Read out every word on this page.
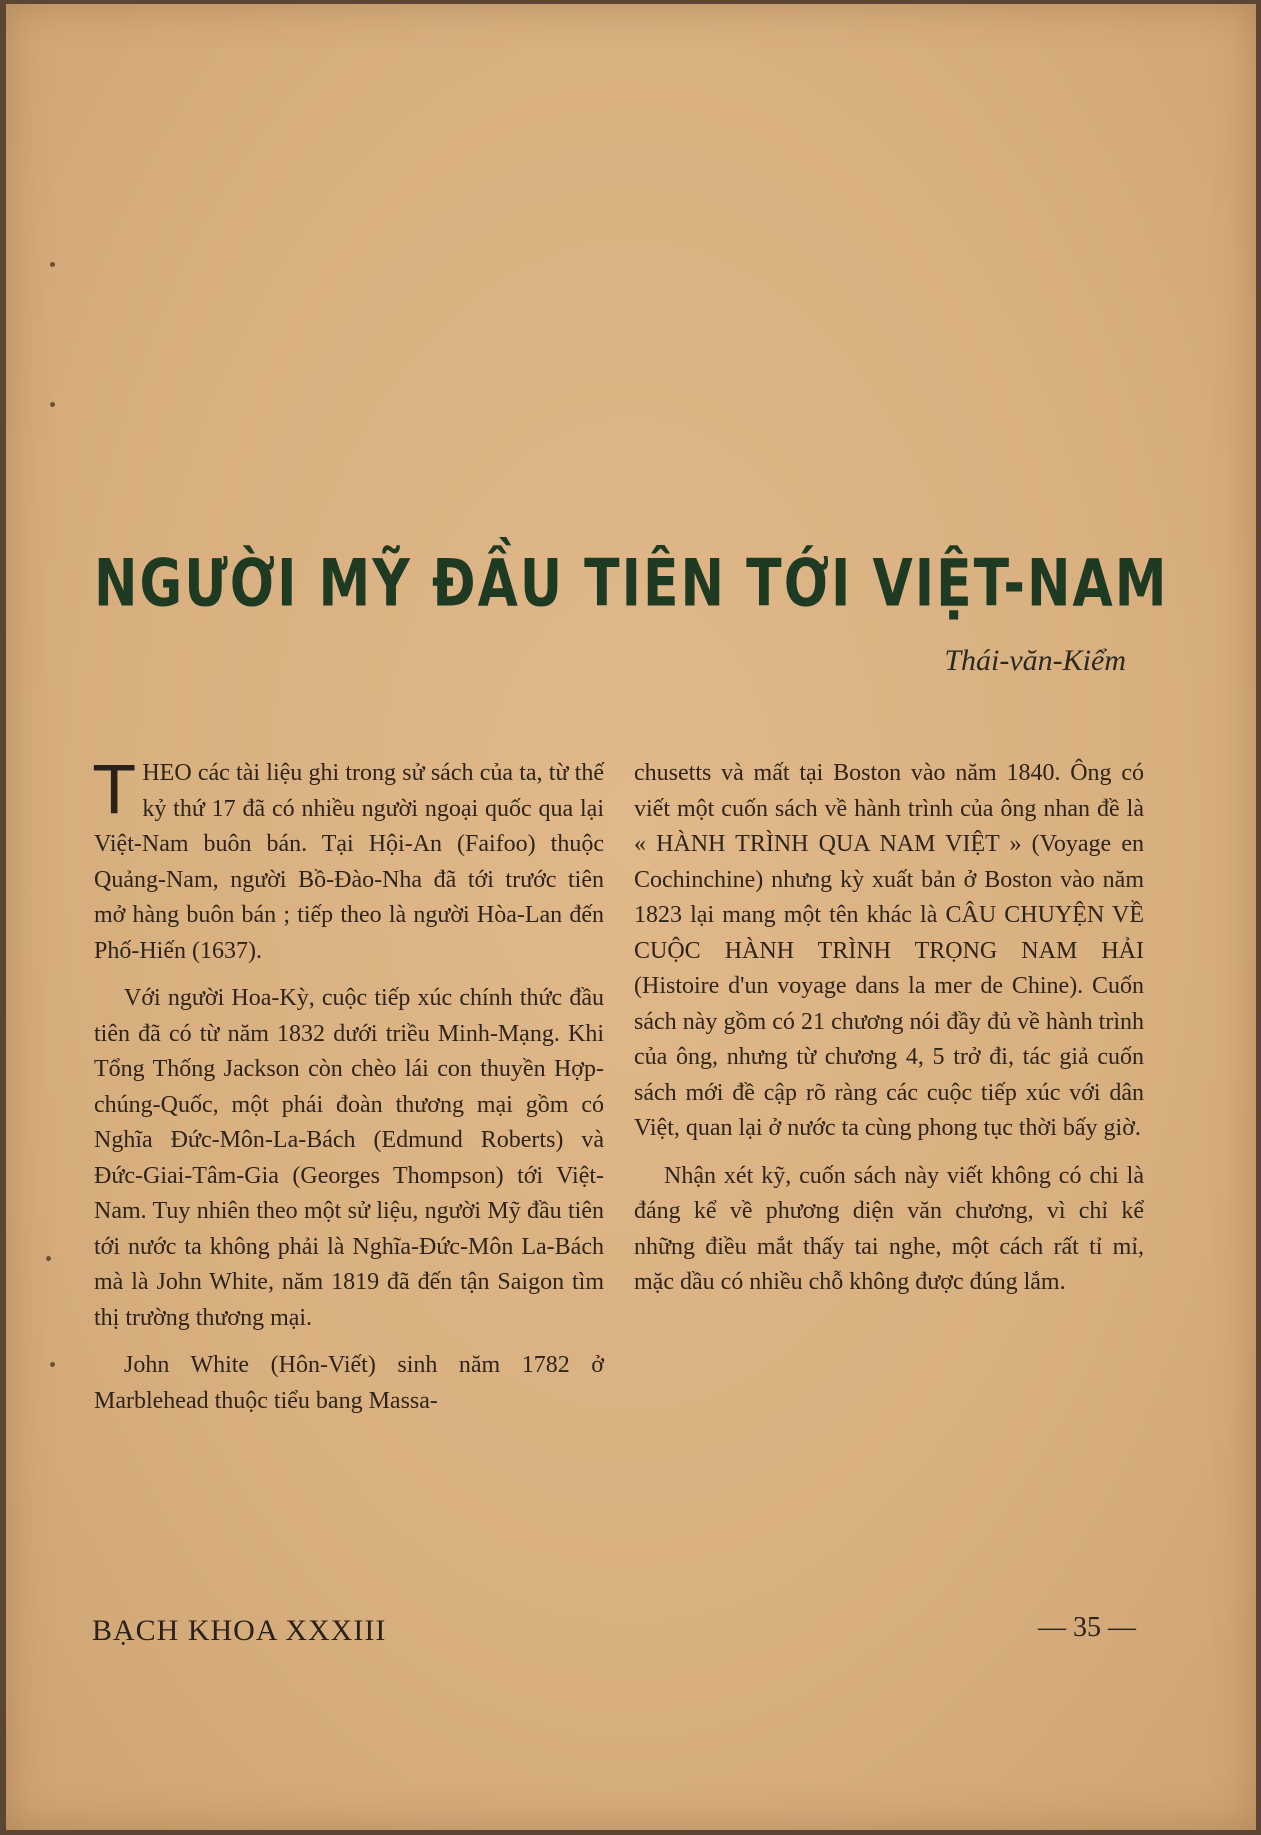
NGƯỜI MỸ ĐẦU TIÊN TỚI VIỆT-NAM
Thái-văn-Kiểm

THEO các tài liệu ghi trong sử sách của ta, từ thế kỷ thứ 17 đã có nhiều người ngoại quốc qua lại Việt-Nam buôn bán. Tại Hội-An (Faifoo) thuộc Quảng-Nam, người Bồ-Đào-Nha đã tới trước tiên mở hàng buôn bán ; tiếp theo là người Hòa-Lan đến Phố-Hiến (1637).

Với người Hoa-Kỳ, cuộc tiếp xúc chính thức đầu tiên đã có từ năm 1832 dưới triều Minh-Mạng. Khi Tổng Thống Jackson còn chèo lái con thuyền Hợp-chúng-Quốc, một phái đoàn thương mại gồm có Nghĩa Đức-Môn-La-Bách (Edmund Roberts) và Đức-Giai-Tâm-Gia (Georges Thompson) tới Việt-Nam. Tuy nhiên theo một sử liệu, người Mỹ đầu tiên tới nước ta không phải là Nghĩa-Đức-Môn La-Bách mà là John White, năm 1819 đã đến tận Saigon tìm thị trường thương mại.

John White (Hôn-Viết) sinh năm 1782 ở Marblehead thuộc tiểu bang Massa-

chusetts và mất tại Boston vào năm 1840. Ông có viết một cuốn sách về hành trình của ông nhan đề là « HÀNH TRÌNH QUA NAM VIỆT » (Voyage en Cochinchine) nhưng kỳ xuất bản ở Boston vào năm 1823 lại mang một tên khác là CÂU CHUYỆN VỀ CUỘC HÀNH TRÌNH TRỌNG NAM HẢI (Histoire d'un voyage dans la mer de Chine). Cuốn sách này gồm có 21 chương nói đầy đủ về hành trình của ông, nhưng từ chương 4, 5 trở đi, tác giả cuốn sách mới đề cập rõ ràng các cuộc tiếp xúc với dân Việt, quan lại ở nước ta cùng phong tục thời bấy giờ.

Nhận xét kỹ, cuốn sách này viết không có chi là đáng kể về phương diện văn chương, vì chỉ kể những điều mắt thấy tai nghe, một cách rất tỉ mỉ, mặc dầu có nhiều chỗ không được đúng lắm.

BẠCH KHOA XXXIII	— 35 —
